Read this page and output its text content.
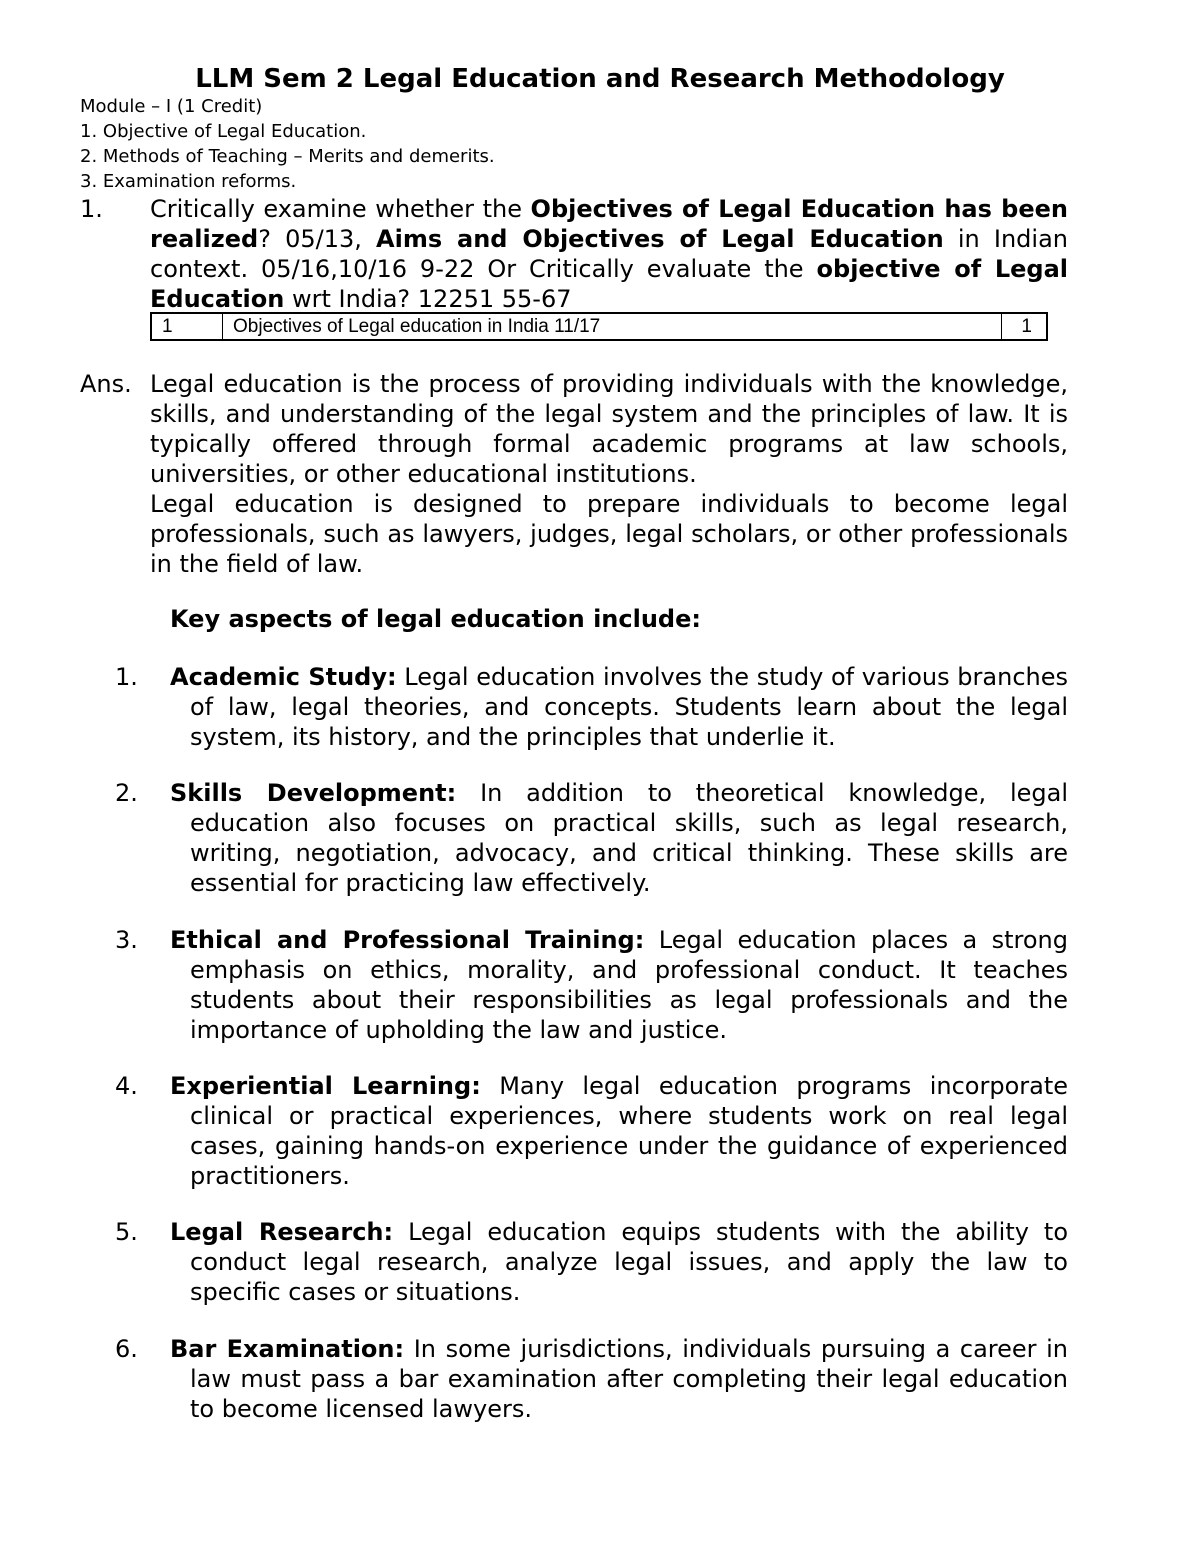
LLM Sem 2 Legal Education and Research Methodology
Module – I (1 Credit)
1. Objective of Legal Education.
2. Methods of Teaching – Merits and demerits.
3. Examination reforms.
1. Critically examine whether the Objectives of Legal Education has been realized? 05/13, Aims and Objectives of Legal Education in Indian context. 05/16,10/16 9-22 Or Critically evaluate the objective of Legal Education wrt India? 12251 55-67
1	Objectives of Legal education in India 11/17	1
Ans. Legal education is the process of providing individuals with the knowledge, skills, and understanding of the legal system and the principles of law. It is typically offered through formal academic programs at law schools, universities, or other educational institutions.
Legal education is designed to prepare individuals to become legal professionals, such as lawyers, judges, legal scholars, or other professionals in the field of law.
Key aspects of legal education include:
1. Academic Study: Legal education involves the study of various branches of law, legal theories, and concepts. Students learn about the legal system, its history, and the principles that underlie it.
2. Skills Development: In addition to theoretical knowledge, legal education also focuses on practical skills, such as legal research, writing, negotiation, advocacy, and critical thinking. These skills are essential for practicing law effectively.
3. Ethical and Professional Training: Legal education places a strong emphasis on ethics, morality, and professional conduct. It teaches students about their responsibilities as legal professionals and the importance of upholding the law and justice.
4. Experiential Learning: Many legal education programs incorporate clinical or practical experiences, where students work on real legal cases, gaining hands-on experience under the guidance of experienced practitioners.
5. Legal Research: Legal education equips students with the ability to conduct legal research, analyze legal issues, and apply the law to specific cases or situations.
6. Bar Examination: In some jurisdictions, individuals pursuing a career in law must pass a bar examination after completing their legal education to become licensed lawyers.
